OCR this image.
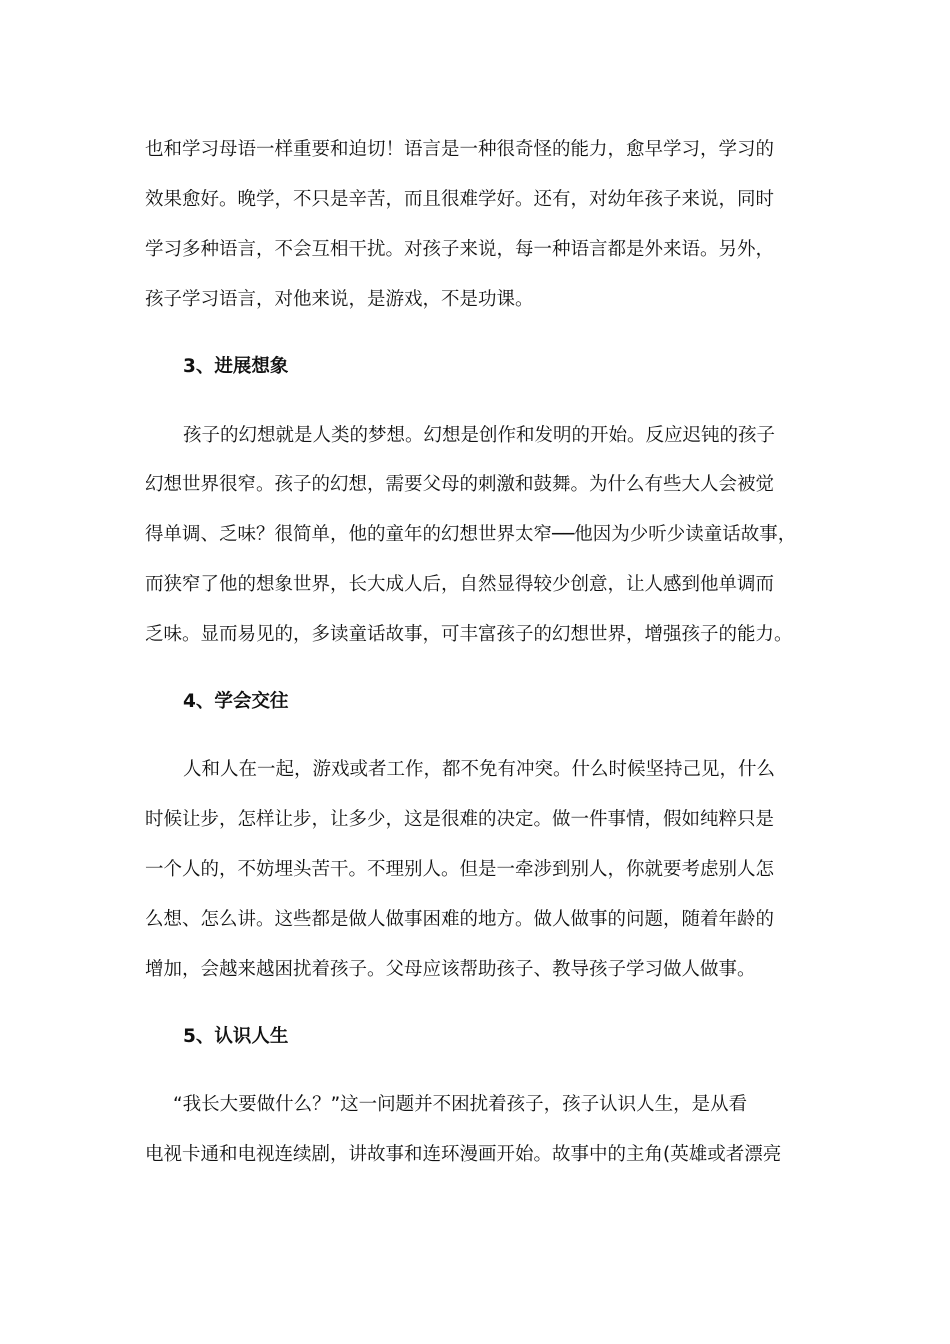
也和学习母语一样重要和迫切！语言是一种很奇怪的能力，愈早学习，学习的
效果愈好。晚学，不只是辛苦，而且很难学好。还有，对幼年孩子来说，同时
学习多种语言，不会互相干扰。对孩子来说，每一种语言都是外来语。另外，
孩子学习语言，对他来说，是游戏，不是功课。
3、进展想象
孩子的幻想就是人类的梦想。幻想是创作和发明的开始。反应迟钝的孩子
幻想世界很窄。孩子的幻想，需要父母的刺激和鼓舞。为什么有些大人会被觉
得单调、乏味？很简单，他的童年的幻想世界太窄──他因为少听少读童话故事，
而狭窄了他的想象世界，长大成人后，自然显得较少创意，让人感到他单调而
乏味。显而易见的，多读童话故事，可丰富孩子的幻想世界，增强孩子的能力。
4、学会交往
人和人在一起，游戏或者工作，都不免有冲突。什么时候坚持己见，什么
时候让步，怎样让步，让多少，这是很难的决定。做一件事情，假如纯粹只是
一个人的，不妨埋头苦干。不理别人。但是一牵涉到别人，你就要考虑别人怎
么想、怎么讲。这些都是做人做事困难的地方。做人做事的问题，随着年龄的
增加，会越来越困扰着孩子。父母应该帮助孩子、教导孩子学习做人做事。
5、认识人生
“我长大要做什么？”这一问题并不困扰着孩子，孩子认识人生，是从看
电视卡通和电视连续剧，讲故事和连环漫画开始。故事中的主角(英雄或者漂亮
